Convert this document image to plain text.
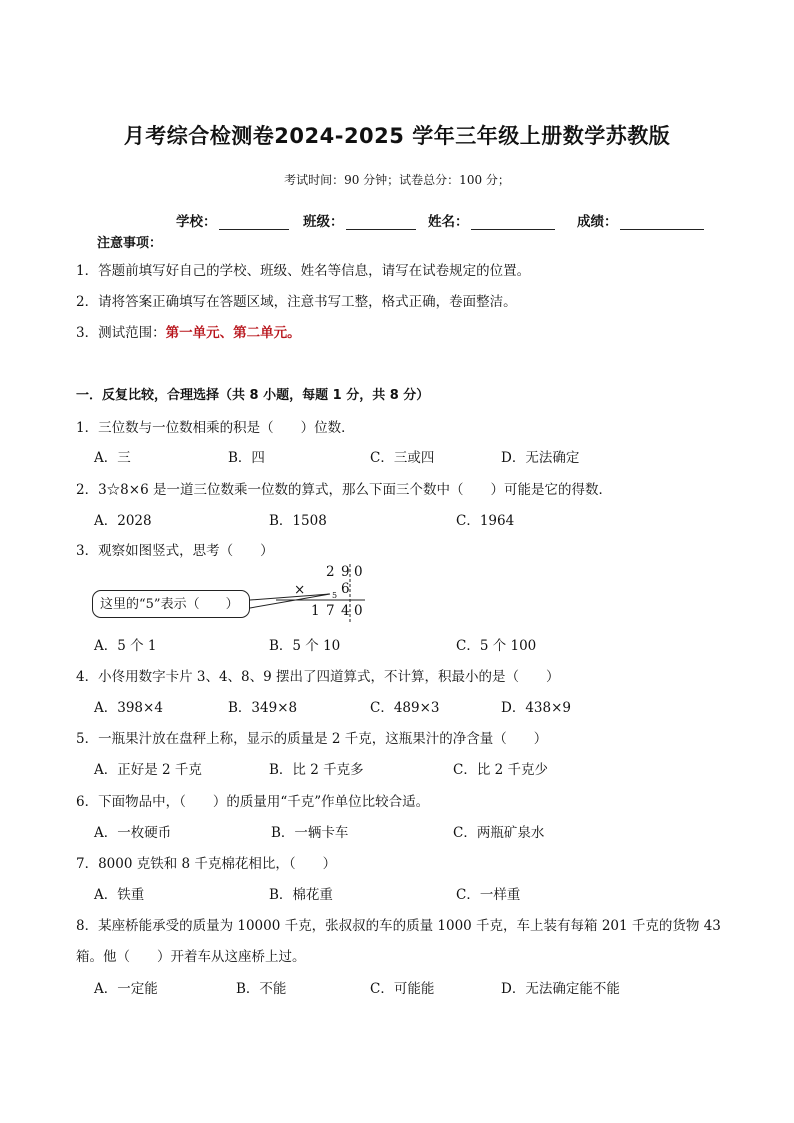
月考综合检测卷2024-2025 学年三年级上册数学苏教版
考试时间：90 分钟；试卷总分：100 分；
学校：	班级：	姓名：	成绩：
注意事项：
1．答题前填写好自己的学校、班级、姓名等信息，请写在试卷规定的位置。
2．请将答案正确填写在答题区域，注意书写工整，格式正确，卷面整洁。
3．测试范围：第一单元、第二单元。
一．反复比较，合理选择（共 8 小题，每题 1 分，共 8 分）
1．三位数与一位数相乘的积是（　　）位数．
A．三	B．四	C．三或四	D．无法确定
2．3☆8×6 是一道三位数乘一位数的算式，那么下面三个数中（　　）可能是它的得数．
A．2028	B．1508	C．1964
3．观察如图竖式，思考（　　）
这里的“5”表示（　　）
2 9 0
×	6
5
1 7 4 0
A．5 个 1	B．5 个 10	C．5 个 100
4．小佟用数字卡片 3、4、8、9 摆出了四道算式，不计算，积最小的是（　　）
A．398×4	B．349×8	C．489×3	D．438×9
5．一瓶果汁放在盘秤上称，显示的质量是 2 千克，这瓶果汁的净含量（　　）
A．正好是 2 千克	B．比 2 千克多	C．比 2 千克少
6．下面物品中，（　　）的质量用“千克”作单位比较合适。
A．一枚硬币	B．一辆卡车	C．两瓶矿泉水
7．8000 克铁和 8 千克棉花相比，（　　）
A．铁重	B．棉花重	C．一样重
8．某座桥能承受的质量为 10000 千克，张叔叔的车的质量 1000 千克，车上装有每箱 201 千克的货物 43
箱。他（　　）开着车从这座桥上过。
A．一定能	B．不能	C．可能能	D．无法确定能不能
